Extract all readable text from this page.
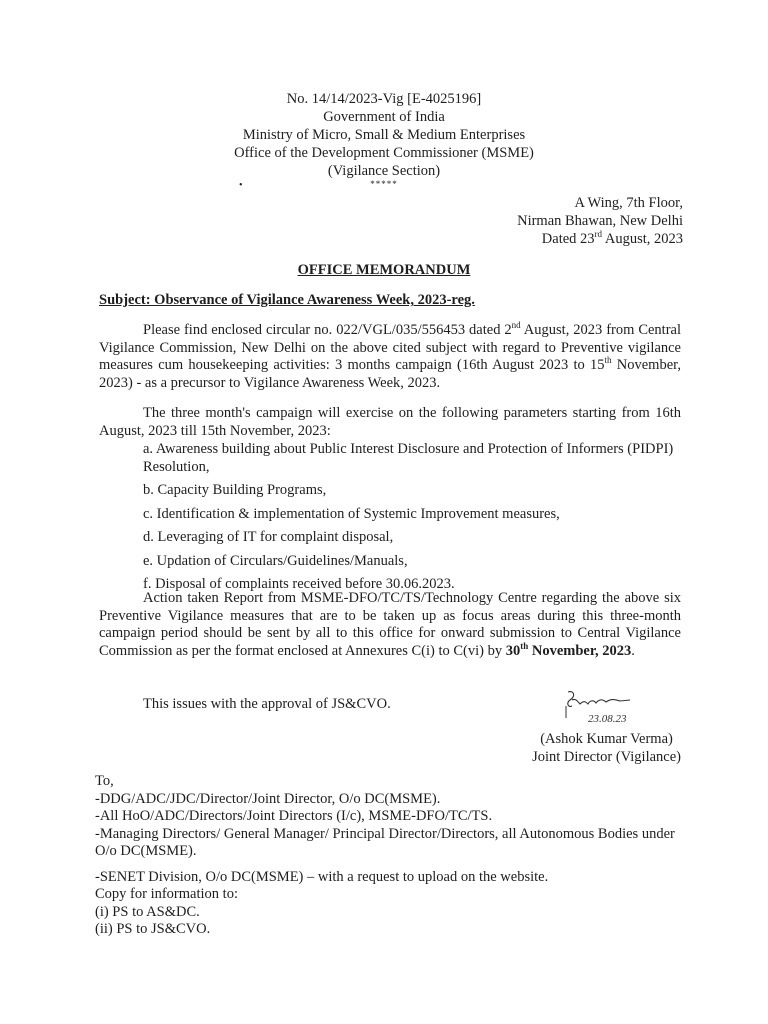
No. 14/14/2023-Vig [E-4025196]
Government of India
Ministry of Micro, Small & Medium Enterprises
Office of the Development Commissioner (MSME)
(Vigilance Section)
*****
•
A Wing, 7th Floor,
Nirman Bhawan, New Delhi
Dated 23rd August, 2023
OFFICE MEMORANDUM
Subject: Observance of Vigilance Awareness Week, 2023-reg.
Please find enclosed circular no. 022/VGL/035/556453 dated 2nd August, 2023 from Central Vigilance Commission, New Delhi on the above cited subject with regard to Preventive vigilance measures cum housekeeping activities: 3 months campaign (16th August 2023 to 15th November, 2023) - as a precursor to Vigilance Awareness Week, 2023.
The three month's campaign will exercise on the following parameters starting from 16th August, 2023 till 15th November, 2023:
a. Awareness building about Public Interest Disclosure and Protection of Informers (PIDPI) Resolution,
b. Capacity Building Programs,
c. Identification & implementation of Systemic Improvement measures,
d. Leveraging of IT for complaint disposal,
e. Updation of Circulars/Guidelines/Manuals,
f. Disposal of complaints received before 30.06.2023.
Action taken Report from MSME-DFO/TC/TS/Technology Centre regarding the above six Preventive Vigilance measures that are to be taken up as focus areas during this three-month campaign period should be sent by all to this office for onward submission to Central Vigilance Commission as per the format enclosed at Annexures C(i) to C(vi) by 30th November, 2023.
This issues with the approval of JS&CVO.
23.08.23
(Ashok Kumar Verma)
Joint Director (Vigilance)
To,
-DDG/ADC/JDC/Director/Joint Director, O/o DC(MSME).
-All HoO/ADC/Directors/Joint Directors (I/c), MSME-DFO/TC/TS.
-Managing Directors/ General Manager/ Principal Director/Directors, all Autonomous Bodies under O/o DC(MSME).
-SENET Division, O/o DC(MSME) – with a request to upload on the website.
Copy for information to:
(i) PS to AS&DC.
(ii) PS to JS&CVO.
